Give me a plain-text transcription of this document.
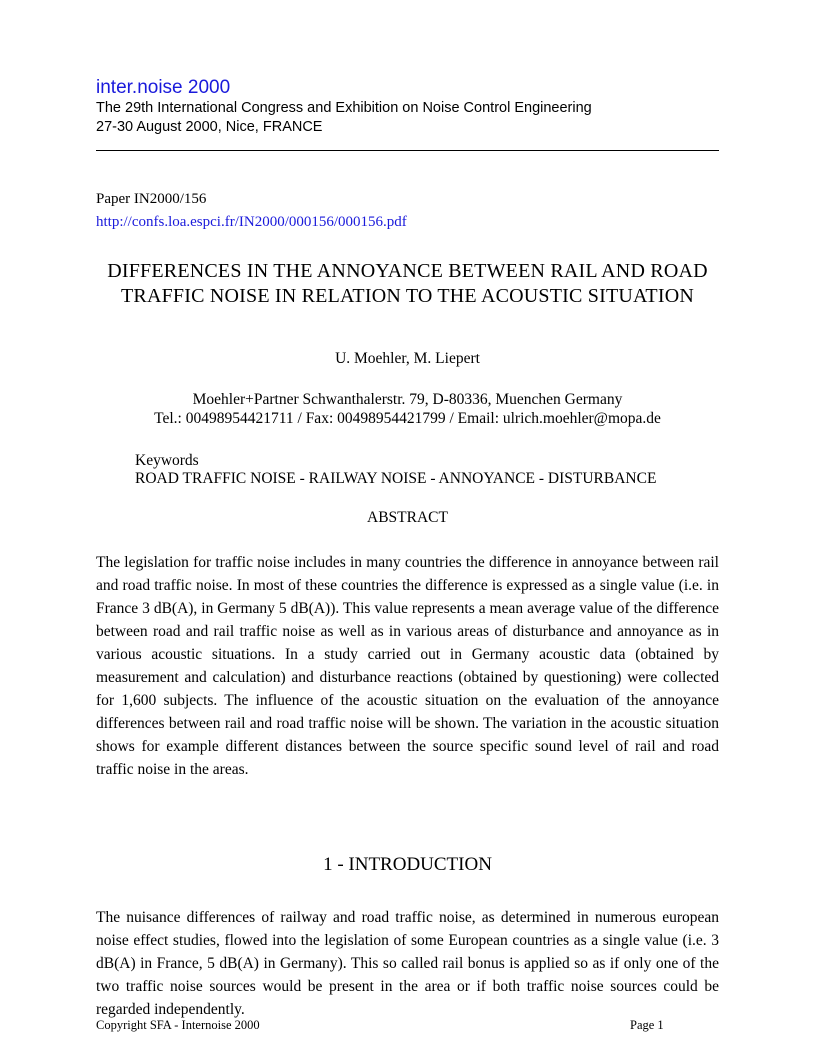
inter.noise 2000
The 29th International Congress and Exhibition on Noise Control Engineering
27-30 August 2000, Nice, FRANCE
Paper IN2000/156
http://confs.loa.espci.fr/IN2000/000156/000156.pdf
DIFFERENCES IN THE ANNOYANCE BETWEEN RAIL AND ROAD TRAFFIC NOISE IN RELATION TO THE ACOUSTIC SITUATION
U. Moehler, M. Liepert
Moehler+Partner Schwanthalerstr. 79, D-80336, Muenchen Germany
Tel.: 00498954421711 / Fax: 00498954421799 / Email: ulrich.moehler@mopa.de
Keywords
ROAD TRAFFIC NOISE - RAILWAY NOISE - ANNOYANCE - DISTURBANCE
ABSTRACT
The legislation for traffic noise includes in many countries the difference in annoyance between rail and road traffic noise. In most of these countries the difference is expressed as a single value (i.e. in France 3 dB(A), in Germany 5 dB(A)). This value represents a mean average value of the difference between road and rail traffic noise as well as in various areas of disturbance and annoyance as in various acoustic situations. In a study carried out in Germany acoustic data (obtained by measurement and calculation) and disturbance reactions (obtained by questioning) were collected for 1,600 subjects. The influence of the acoustic situation on the evaluation of the annoyance differences between rail and road traffic noise will be shown. The variation in the acoustic situation shows for example different distances between the source specific sound level of rail and road traffic noise in the areas.
1 - INTRODUCTION
The nuisance differences of railway and road traffic noise, as determined in numerous european noise effect studies, flowed into the legislation of some European countries as a single value (i.e. 3 dB(A) in France, 5 dB(A) in Germany). This so called rail bonus is applied so as if only one of the two traffic noise sources would be present in the area or if both traffic noise sources could be regarded independently.
Copyright SFA - Internoise 2000	Page 1
